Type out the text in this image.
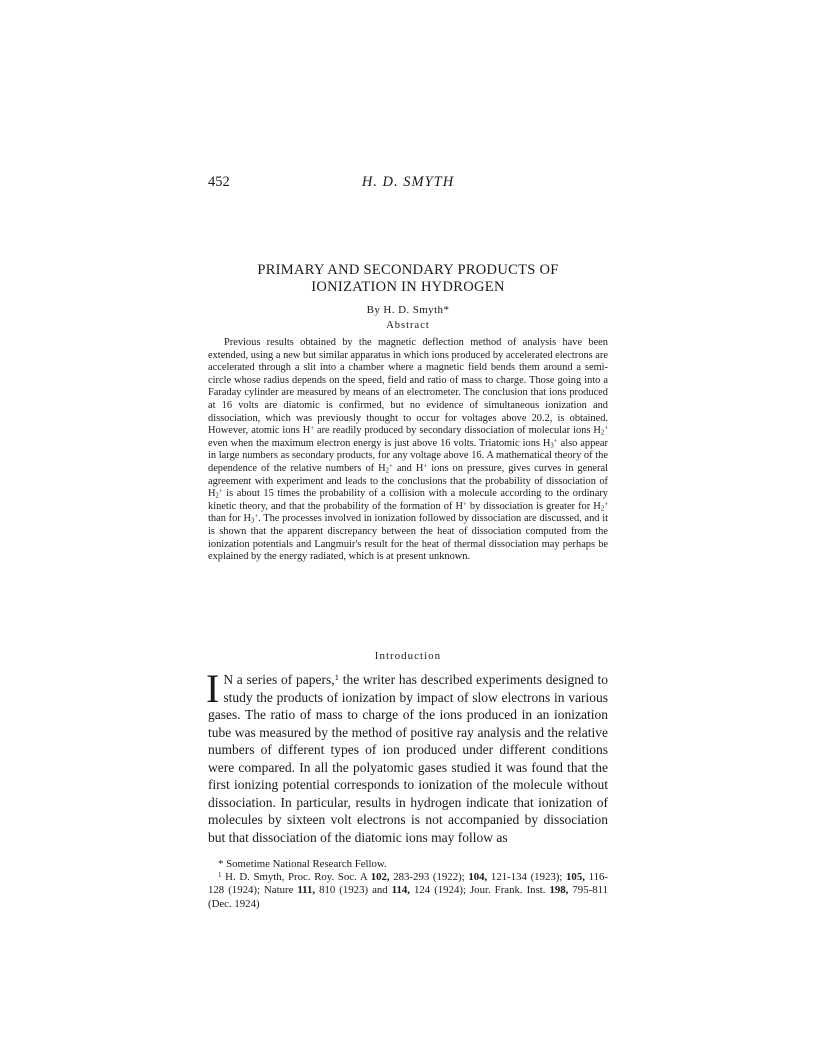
452	H. D. SMYTH
PRIMARY AND SECONDARY PRODUCTS OF
IONIZATION IN HYDROGEN
By H. D. Smyth*
Abstract

Previous results obtained by the magnetic deflection method of analysis have been extended, using a new but similar apparatus in which ions produced by accelerated electrons are accelerated through a slit into a chamber where a magnetic field bends them around a semi-circle whose radius depends on the speed, field and ratio of mass to charge. Those going into a Faraday cylinder are measured by means of an electrometer. The conclusion that ions produced at 16 volts are diatomic is confirmed, but no evidence of simultaneous ionization and dissociation, which was previously thought to occur for voltages above 20.2, is obtained. However, atomic ions H+ are readily produced by secondary dissociation of molecular ions $H_2^+$ even when the maximum electron energy is just above 16 volts. Triatomic ions $H_3^+$ also appear in large numbers as secondary products, for any voltage above 16. A mathematical theory of the dependence of the relative numbers of $H_2^+$ and H+ ions on pressure, gives curves in general agreement with experiment and leads to the conclusions that the probability of dissociation of $H_2^+$ is about 15 times the probability of a collision with a molecule according to the ordinary kinetic theory, and that the probability of the formation of H+ by dissociation is greater for $H_2^+$ than for $H_3^+$. The processes involved in ionization followed by dissociation are discussed, and it is shown that the apparent discrepancy between the heat of dissociation computed from the ionization potentials and Langmuir's result for the heat of thermal dissociation may perhaps be explained by the energy radiated, which is at present unknown.

Introduction

I N a series of papers,$^1$ the writer has described experiments designed to study the products of ionization by impact of slow electrons in various gases. The ratio of mass to charge of the ions produced in an ionization tube was measured by the method of positive ray analysis and the relative numbers of different types of ion produced under different conditions were compared. In all the polyatomic gases studied it was found that the first ionizing potential corresponds to ionization of the molecule without dissociation. In particular, results in hydrogen indicate that ionization of molecules by sixteen volt electrons is not accompanied by dissociation but that dissociation of the diatomic ions may follow as

* Sometime National Research Fellow.

$^1$ H. D. Smyth, Proc. Roy. Soc. A 102, 283-293 (1922); 104, 121-134 (1923); 105, 116-128 (1924); Nature 111, 810 (1923) and 114, 124 (1924); Jour. Frank. Inst. 198, 795-811 (Dec. 1924)
